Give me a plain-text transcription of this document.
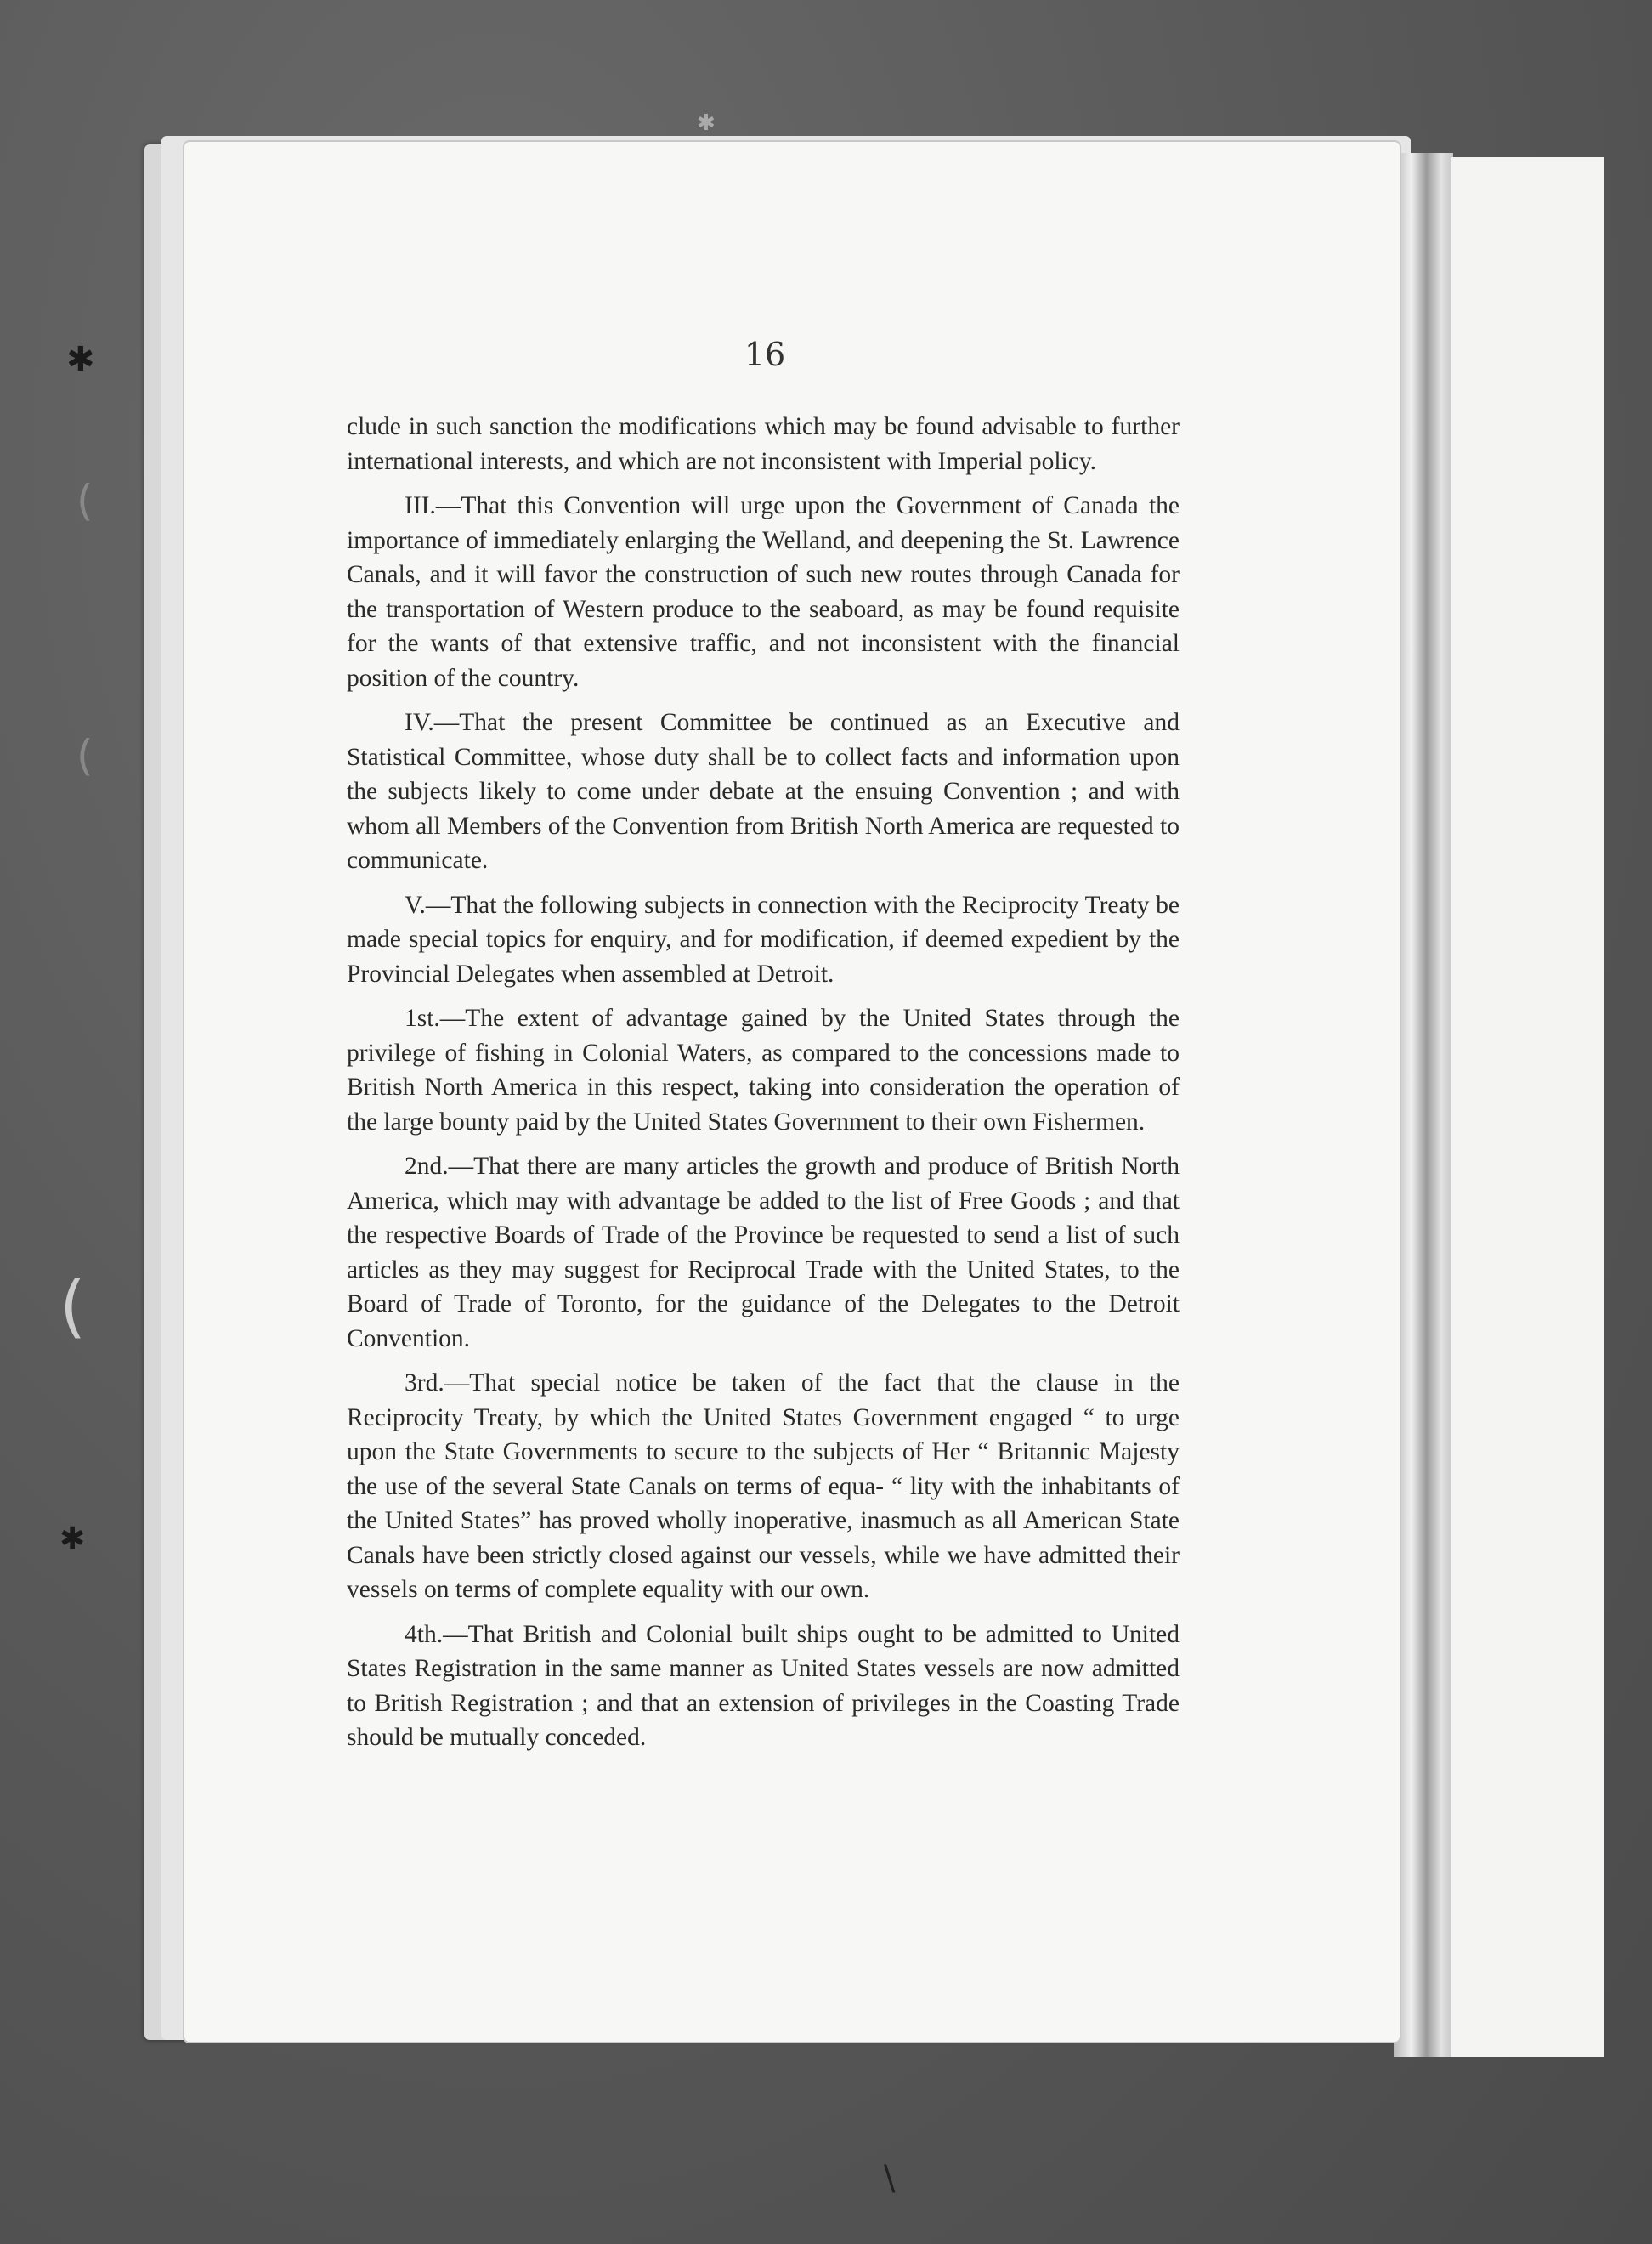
16

clude in such sanction the modifications which may be found advisable to further international interests, and which are not inconsistent with Imperial policy.

III.—That this Convention will urge upon the Government of Canada the importance of immediately enlarging the Welland, and deepening the St. Lawrence Canals, and it will favor the construction of such new routes through Canada for the transportation of Western produce to the seaboard, as may be found requisite for the wants of that extensive traffic, and not inconsistent with the financial position of the country.

IV.—That the present Committee be continued as an Executive and Statistical Committee, whose duty shall be to collect facts and information upon the subjects likely to come under debate at the ensuing Convention ; and with whom all Members of the Convention from British North America are requested to communicate.

V.—That the following subjects in connection with the Reciprocity Treaty be made special topics for enquiry, and for modification, if deemed expedient by the Provincial Delegates when assembled at Detroit.

1st.—The extent of advantage gained by the United States through the privilege of fishing in Colonial Waters, as compared to the concessions made to British North America in this respect, taking into consideration the operation of the large bounty paid by the United States Government to their own Fishermen.

2nd.—That there are many articles the growth and produce of British North America, which may with advantage be added to the list of Free Goods ; and that the respective Boards of Trade of the Province be requested to send a list of such articles as they may suggest for Reciprocal Trade with the United States, to the Board of Trade of Toronto, for the guidance of the Delegates to the Detroit Convention.

3rd.—That special notice be taken of the fact that the clause in the Reciprocity Treaty, by which the United States Government engaged “ to urge upon the State Governments to secure to the subjects of Her “ Britannic Majesty the use of the several State Canals on terms of equa- “ lity with the inhabitants of the United States” has proved wholly inoperative, inasmuch as all American State Canals have been strictly closed against our vessels, while we have admitted their vessels on terms of complete equality with our own.

4th.—That British and Colonial built ships ought to be admitted to United States Registration in the same manner as United States vessels are now admitted to British Registration ; and that an extension of privileges in the Coasting Trade should be mutually conceded.

✱
(
(
(
✱
✱
\
